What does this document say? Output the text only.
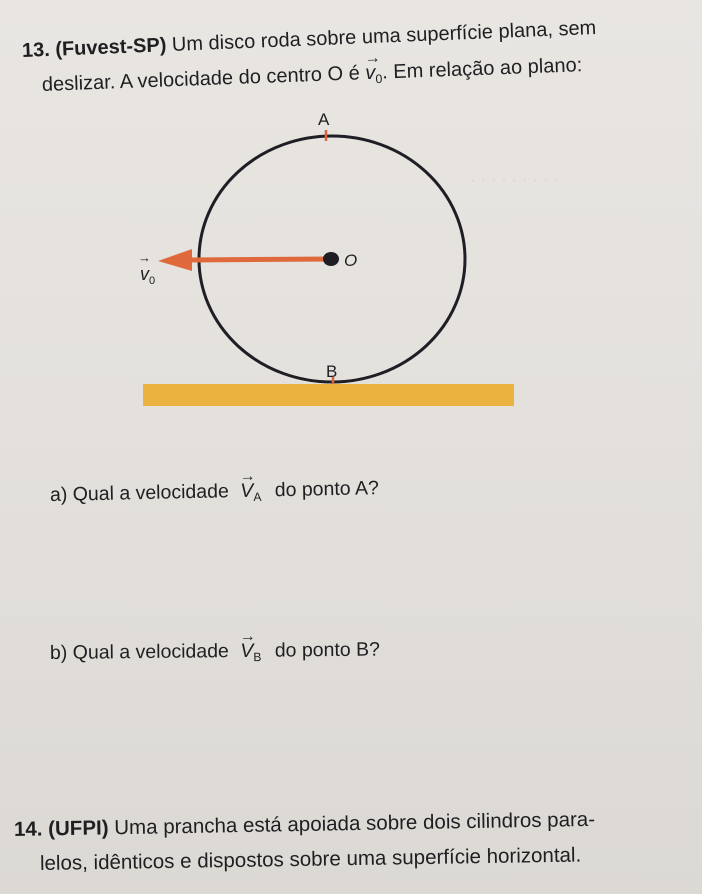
· · · · · · · · ·
13. (Fuvest-SP) Um disco roda sobre uma superfície plana, sem
deslizar. A velocidade do centro O é → $v_0$. Em relação ao plano:
A
B
O
→
$v_0$
a) Qual a velocidade → $V_A$ do ponto A?
b) Qual a velocidade → $V_B$ do ponto B?
14. (UFPI) Uma prancha está apoiada sobre dois cilindros para-
lelos, idênticos e dispostos sobre uma superfície horizontal.
